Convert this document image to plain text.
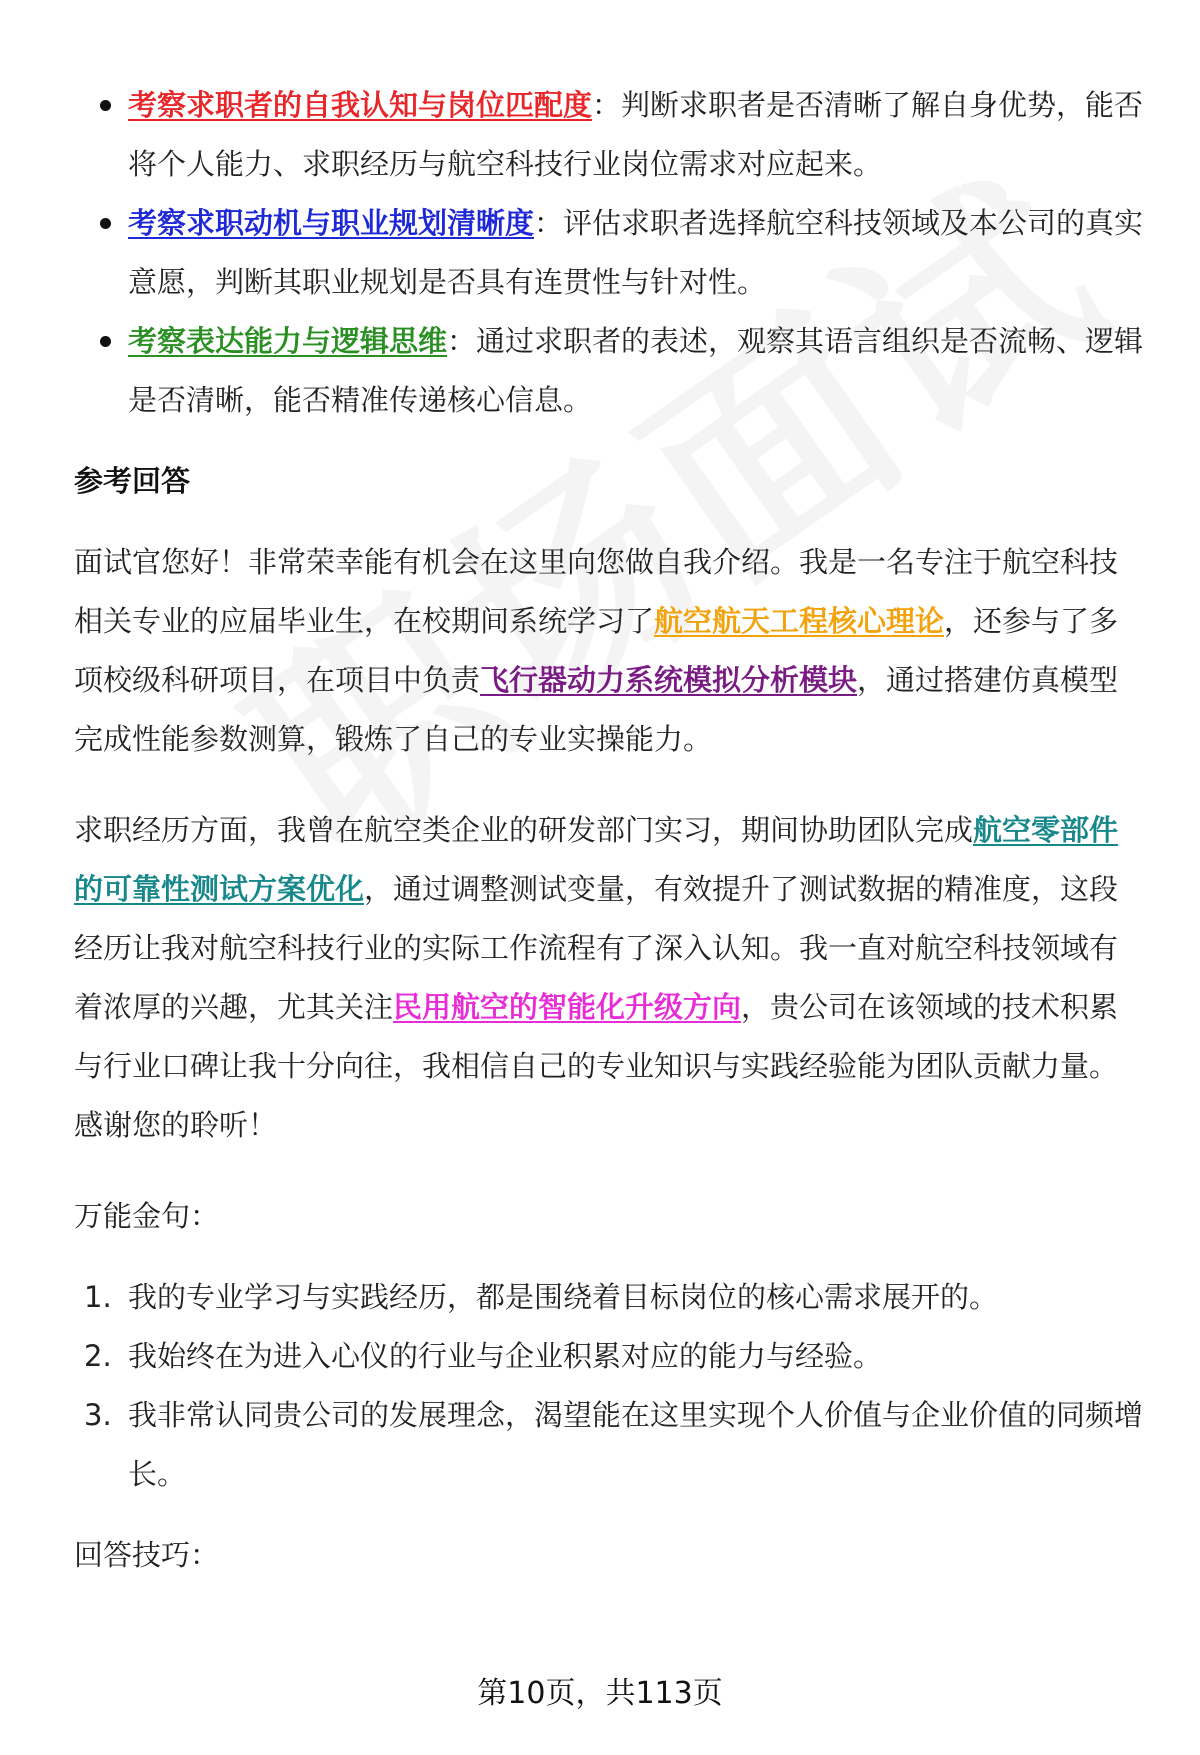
考察求职者的自我认知与岗位匹配度：判断求职者是否清晰了解自身优势，能否将个人能力、求职经历与航空科技行业岗位需求对应起来。
考察求职动机与职业规划清晰度：评估求职者选择航空科技领域及本公司的真实意愿，判断其职业规划是否具有连贯性与针对性。
考察表达能力与逻辑思维：通过求职者的表述，观察其语言组织是否流畅、逻辑是否清晰，能否精准传递核心信息。
参考回答

面试官您好！非常荣幸能有机会在这里向您做自我介绍。我是一名专注于航空科技相关专业的应届毕业生，在校期间系统学习了航空航天工程核心理论，还参与了多项校级科研项目，在项目中负责飞行器动力系统模拟分析模块，通过搭建仿真模型完成性能参数测算，锻炼了自己的专业实操能力。

求职经历方面，我曾在航空类企业的研发部门实习，期间协助团队完成航空零部件的可靠性测试方案优化，通过调整测试变量，有效提升了测试数据的精准度，这段经历让我对航空科技行业的实际工作流程有了深入认知。我一直对航空科技领域有着浓厚的兴趣，尤其关注民用航空的智能化升级方向，贵公司在该领域的技术积累与行业口碑让我十分向往，我相信自己的专业知识与实践经验能为团队贡献力量。感谢您的聆听！

万能金句：

1. 我的专业学习与实践经历，都是围绕着目标岗位的核心需求展开的。
2. 我始终在为进入心仪的行业与企业积累对应的能力与经验。
3. 我非常认同贵公司的发展理念，渴望能在这里实现个人价值与企业价值的同频增长。

回答技巧：

第10页，共113页
